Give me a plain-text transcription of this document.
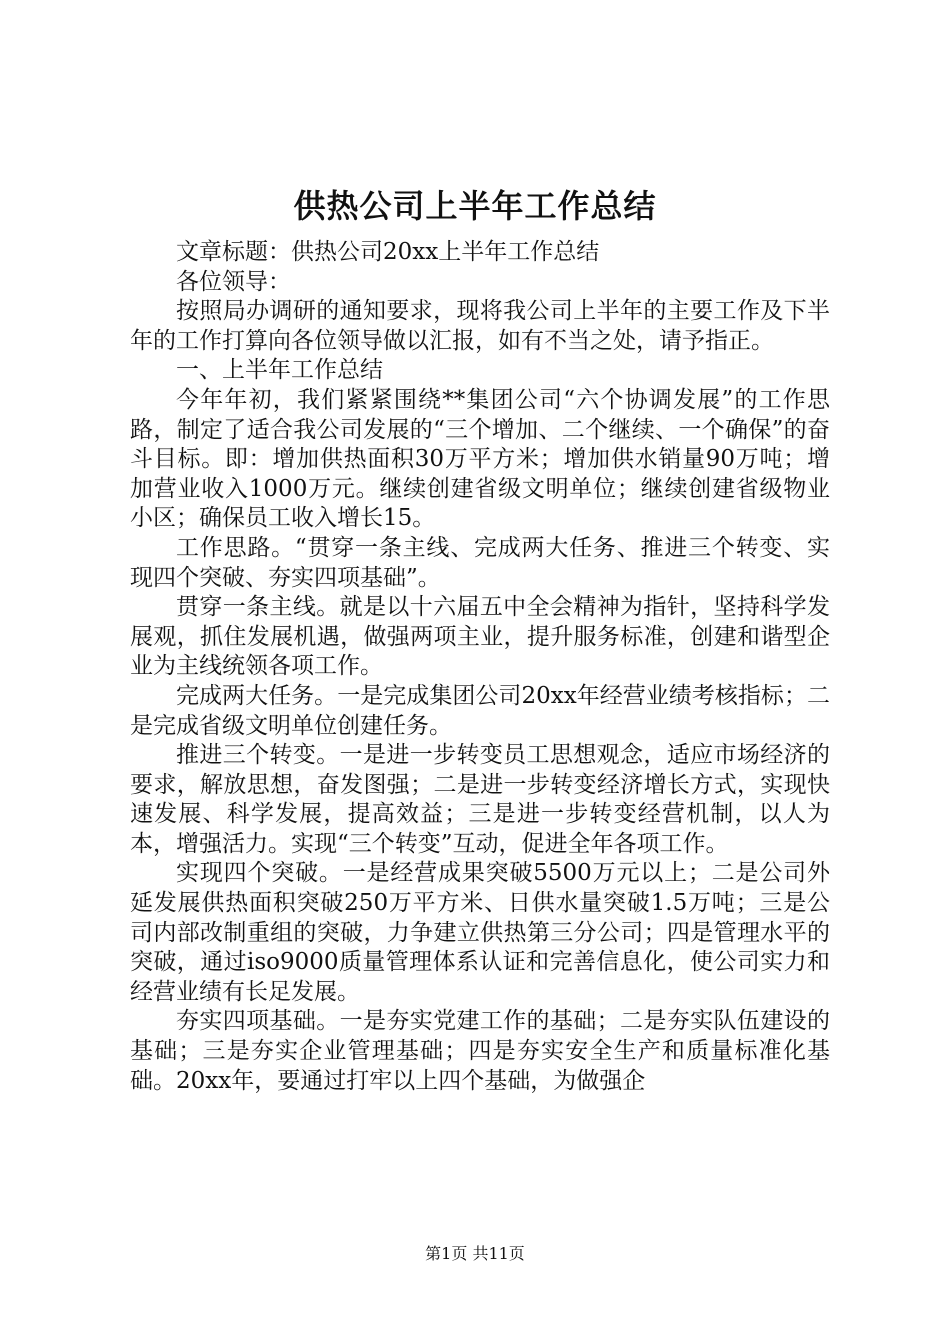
供热公司上半年工作总结

文章标题：供热公司20xx上半年工作总结

各位领导：

按照局办调研的通知要求，现将我公司上半年的主要工作及下半年的工作打算向各位领导做以汇报，如有不当之处，请予指正。

一、上半年工作总结

今年年初，我们紧紧围绕**集团公司“六个协调发展”的工作思路，制定了适合我公司发展的“三个增加、二个继续、一个确保”的奋斗目标。即：增加供热面积30万平方米；增加供水销量90万吨；增加营业收入1000万元。继续创建省级文明单位；继续创建省级物业小区；确保员工收入增长15。

工作思路。“贯穿一条主线、完成两大任务、推进三个转变、实现四个突破、夯实四项基础”。

贯穿一条主线。就是以十六届五中全会精神为指针，坚持科学发展观，抓住发展机遇，做强两项主业，提升服务标准，创建和谐型企业为主线统领各项工作。

完成两大任务。一是完成集团公司20xx年经营业绩考核指标；二是完成省级文明单位创建任务。

推进三个转变。一是进一步转变员工思想观念，适应市场经济的要求，解放思想，奋发图强；二是进一步转变经济增长方式，实现快速发展、科学发展，提高效益；三是进一步转变经营机制，以人为本，增强活力。实现“三个转变”互动，促进全年各项工作。

实现四个突破。一是经营成果突破5500万元以上；二是公司外延发展供热面积突破250万平方米、日供水量突破1.5万吨；三是公司内部改制重组的突破，力争建立供热第三分公司；四是管理水平的突破，通过iso9000质量管理体系认证和完善信息化，使公司实力和经营业绩有长足发展。

夯实四项基础。一是夯实党建工作的基础；二是夯实队伍建设的基础；三是夯实企业管理基础；四是夯实安全生产和质量标准化基础。20xx年，要通过打牢以上四个基础，为做强企

第1页 共11页
